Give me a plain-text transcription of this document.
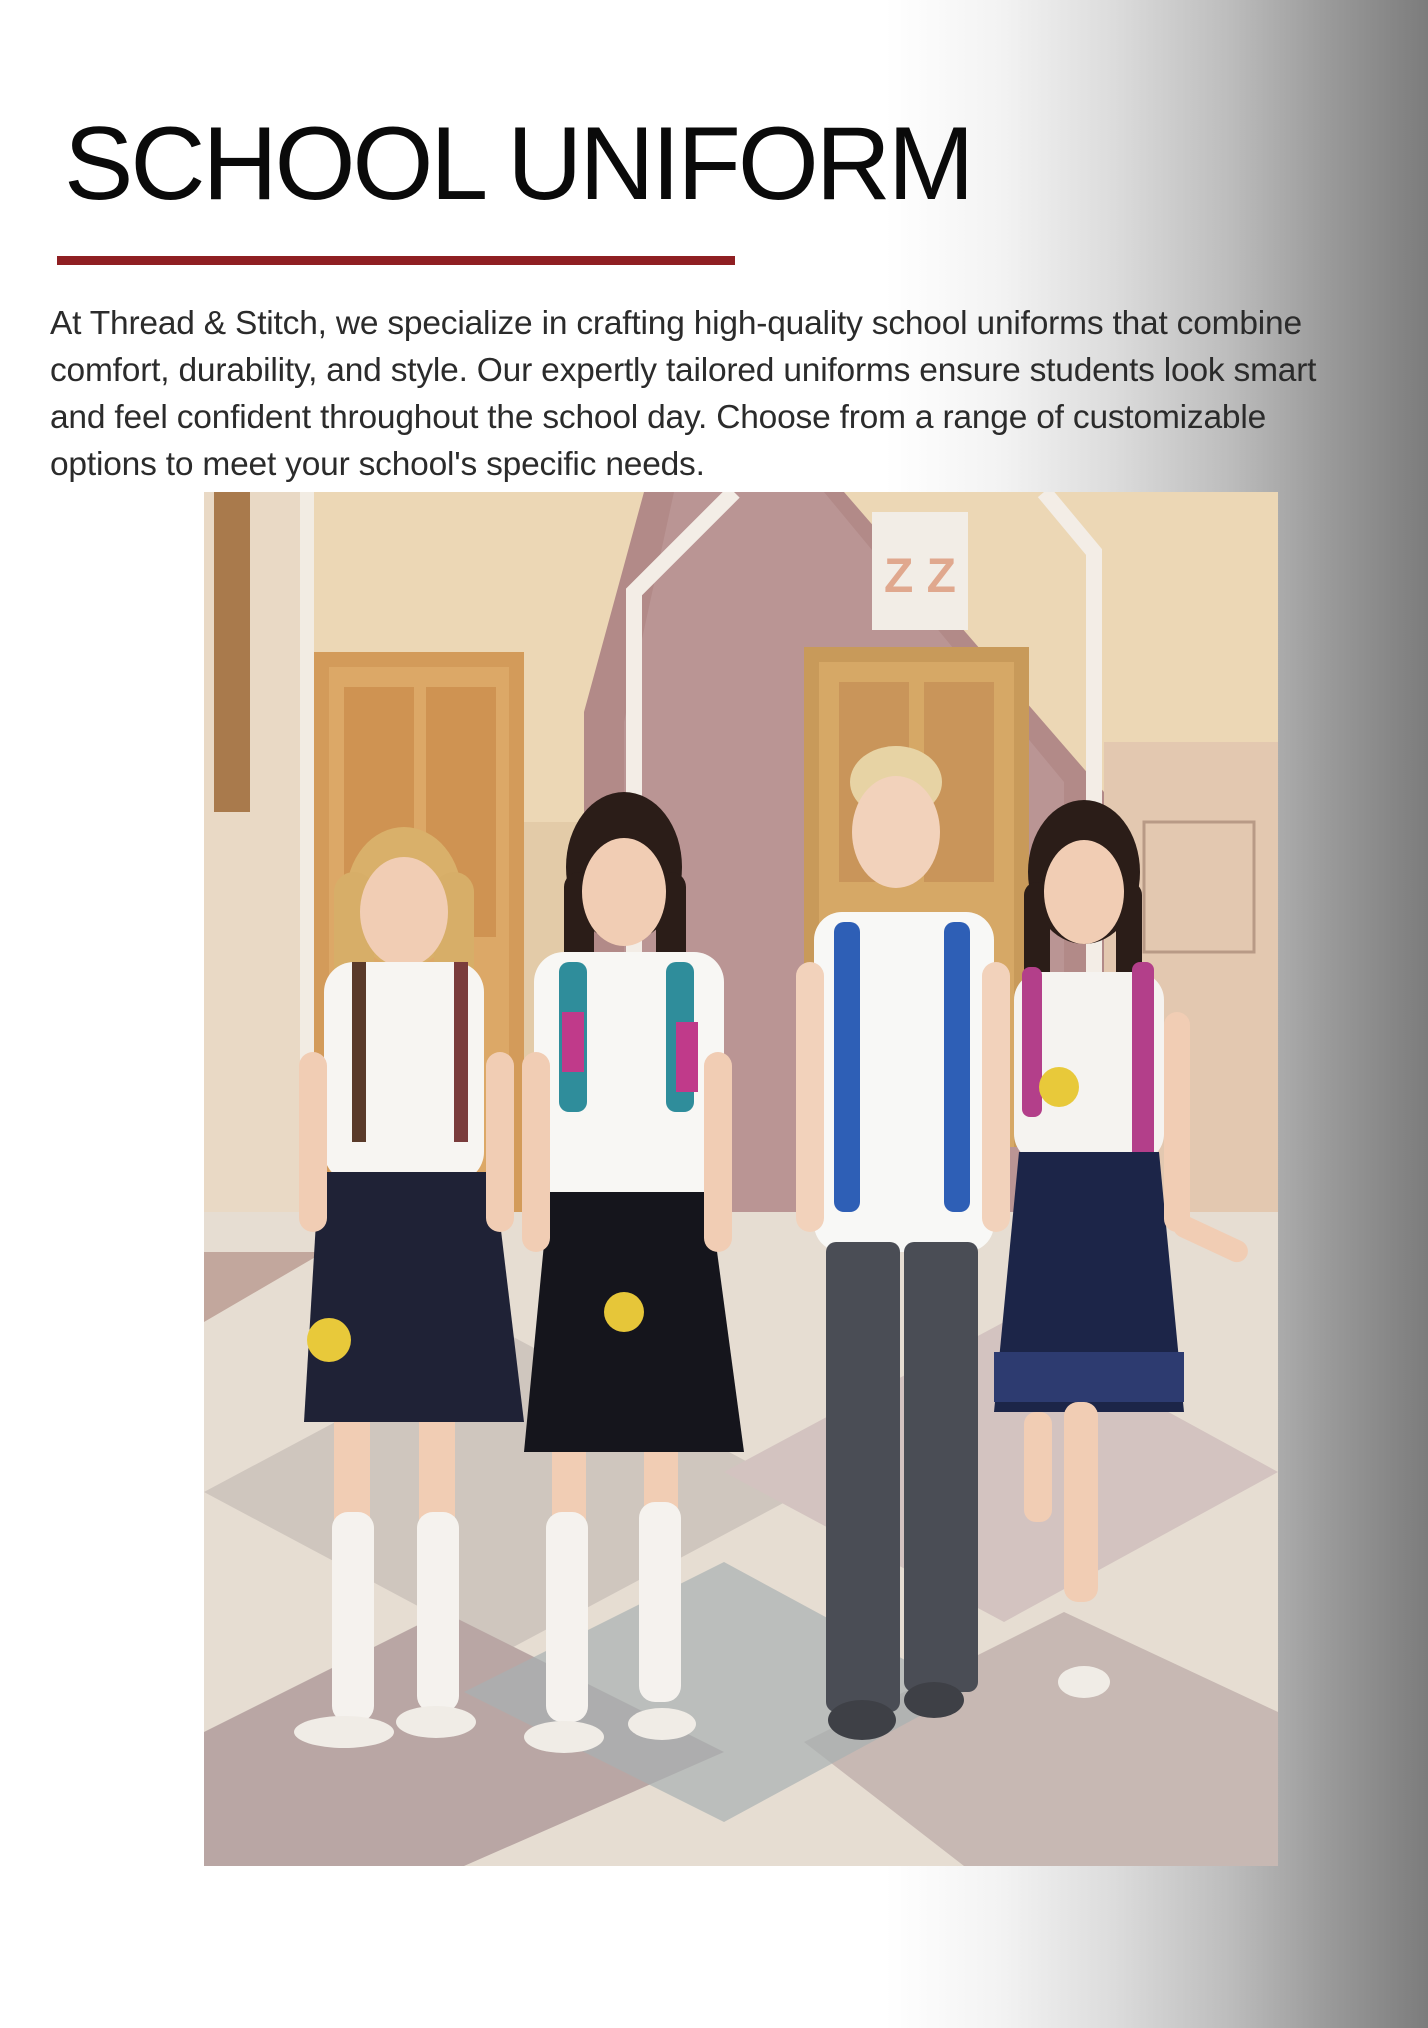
SCHOOL UNIFORM

At Thread & Stitch, we specialize in crafting high-quality school uniforms that combine comfort, durability, and style. Our expertly tailored uniforms ensure students look smart and feel confident throughout the school day. Choose from a range of customizable options to meet your school's specific needs.

Z Z
